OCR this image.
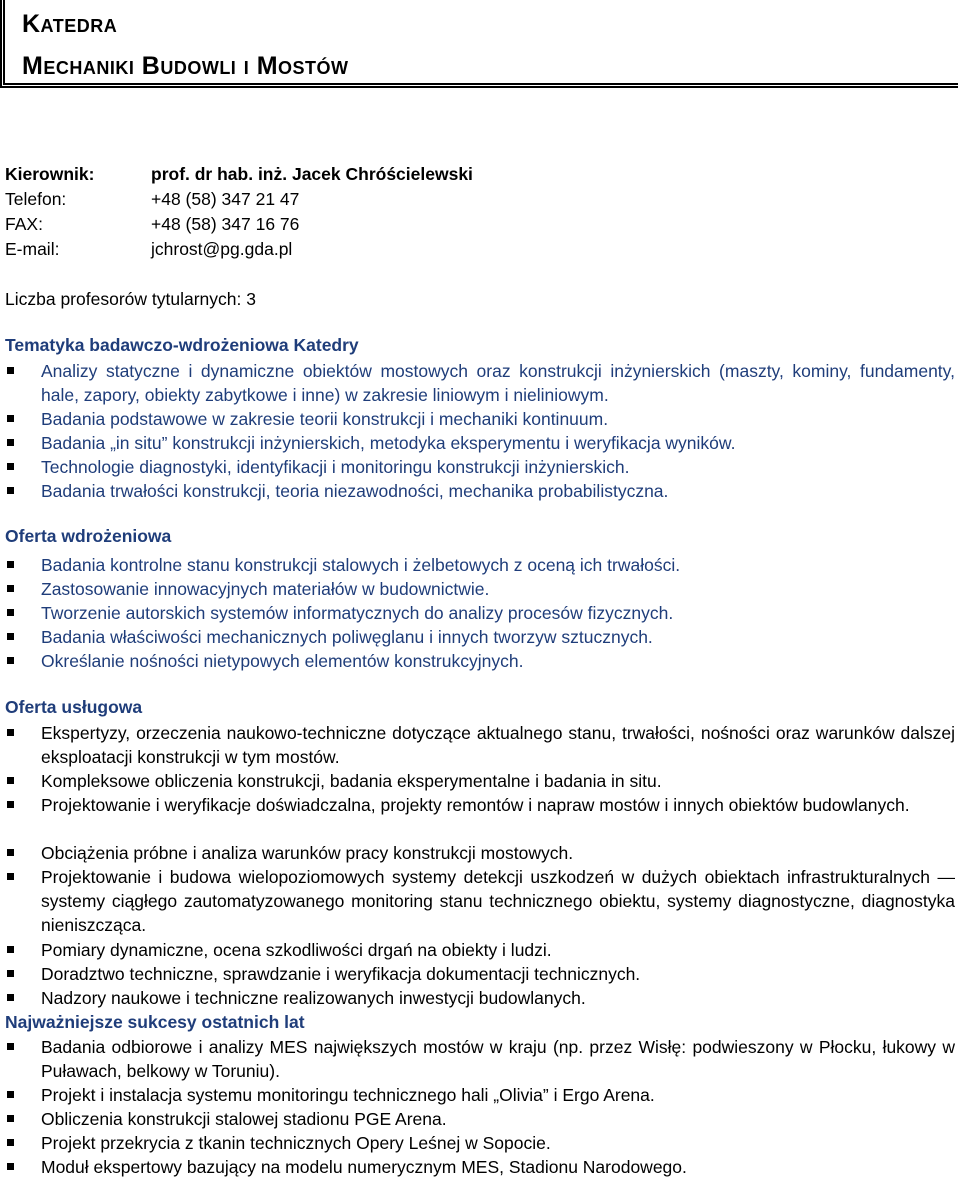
Katedra
Mechaniki Budowli i Mostów
Kierownik:	prof. dr hab. inż. Jacek Chróścielewski
Telefon:	+48 (58) 347 21 47
FAX:	+48 (58) 347 16 76
E-mail:	jchrost@pg.gda.pl
Liczba profesorów tytularnych: 3
Tematyka badawczo-wdrożeniowa Katedry
Analizy statyczne i dynamiczne obiektów mostowych oraz konstrukcji inżynierskich (maszty, kominy, fundamenty, hale, zapory, obiekty zabytkowe i inne) w zakresie liniowym i nieliniowym.
Badania podstawowe w zakresie teorii konstrukcji i mechaniki kontinuum.
Badania „in situ” konstrukcji inżynierskich, metodyka eksperymentu i weryfikacja wyników.
Technologie diagnostyki, identyfikacji i monitoringu konstrukcji inżynierskich.
Badania trwałości konstrukcji, teoria niezawodności, mechanika probabilistyczna.
Oferta wdrożeniowa
Badania kontrolne stanu konstrukcji stalowych i żelbetowych z oceną ich trwałości.
Zastosowanie innowacyjnych materiałów w budownictwie.
Tworzenie autorskich systemów informatycznych do analizy procesów fizycznych.
Badania właściwości mechanicznych poliwęglanu i innych tworzyw sztucznych.
Określanie nośności nietypowych elementów konstrukcyjnych.
Oferta usługowa
Ekspertyzy, orzeczenia naukowo-techniczne dotyczące aktualnego stanu, trwałości, nośności oraz warunków dalszej eksploatacji konstrukcji w tym mostów.
Kompleksowe obliczenia konstrukcji, badania eksperymentalne i badania in situ.
Projektowanie i weryfikacje doświadczalna, projekty remontów i napraw mostów i innych obiektów budowlanych.
Obciążenia próbne i analiza warunków pracy konstrukcji mostowych.
Projektowanie i budowa wielopoziomowych systemy detekcji uszkodzeń w dużych obiektach infrastrukturalnych — systemy ciągłego zautomatyzowanego monitoring stanu technicznego obiektu, systemy diagnostyczne, diagnostyka nieniszcząca.
Pomiary dynamiczne, ocena szkodliwości drgań na obiekty i ludzi.
Doradztwo techniczne, sprawdzanie i weryfikacja dokumentacji technicznych.
Nadzory naukowe i techniczne realizowanych inwestycji budowlanych.
Najważniejsze sukcesy ostatnich lat
Badania odbiorowe i analizy MES największych mostów w kraju (np. przez Wisłę: podwieszony w Płocku, łukowy w Puławach, belkowy w Toruniu).
Projekt i instalacja systemu monitoringu technicznego hali „Olivia” i Ergo Arena.
Obliczenia konstrukcji stalowej stadionu PGE Arena.
Projekt przekrycia z tkanin technicznych Opery Leśnej w Sopocie.
Moduł ekspertowy bazujący na modelu numerycznym MES, Stadionu Narodowego.
